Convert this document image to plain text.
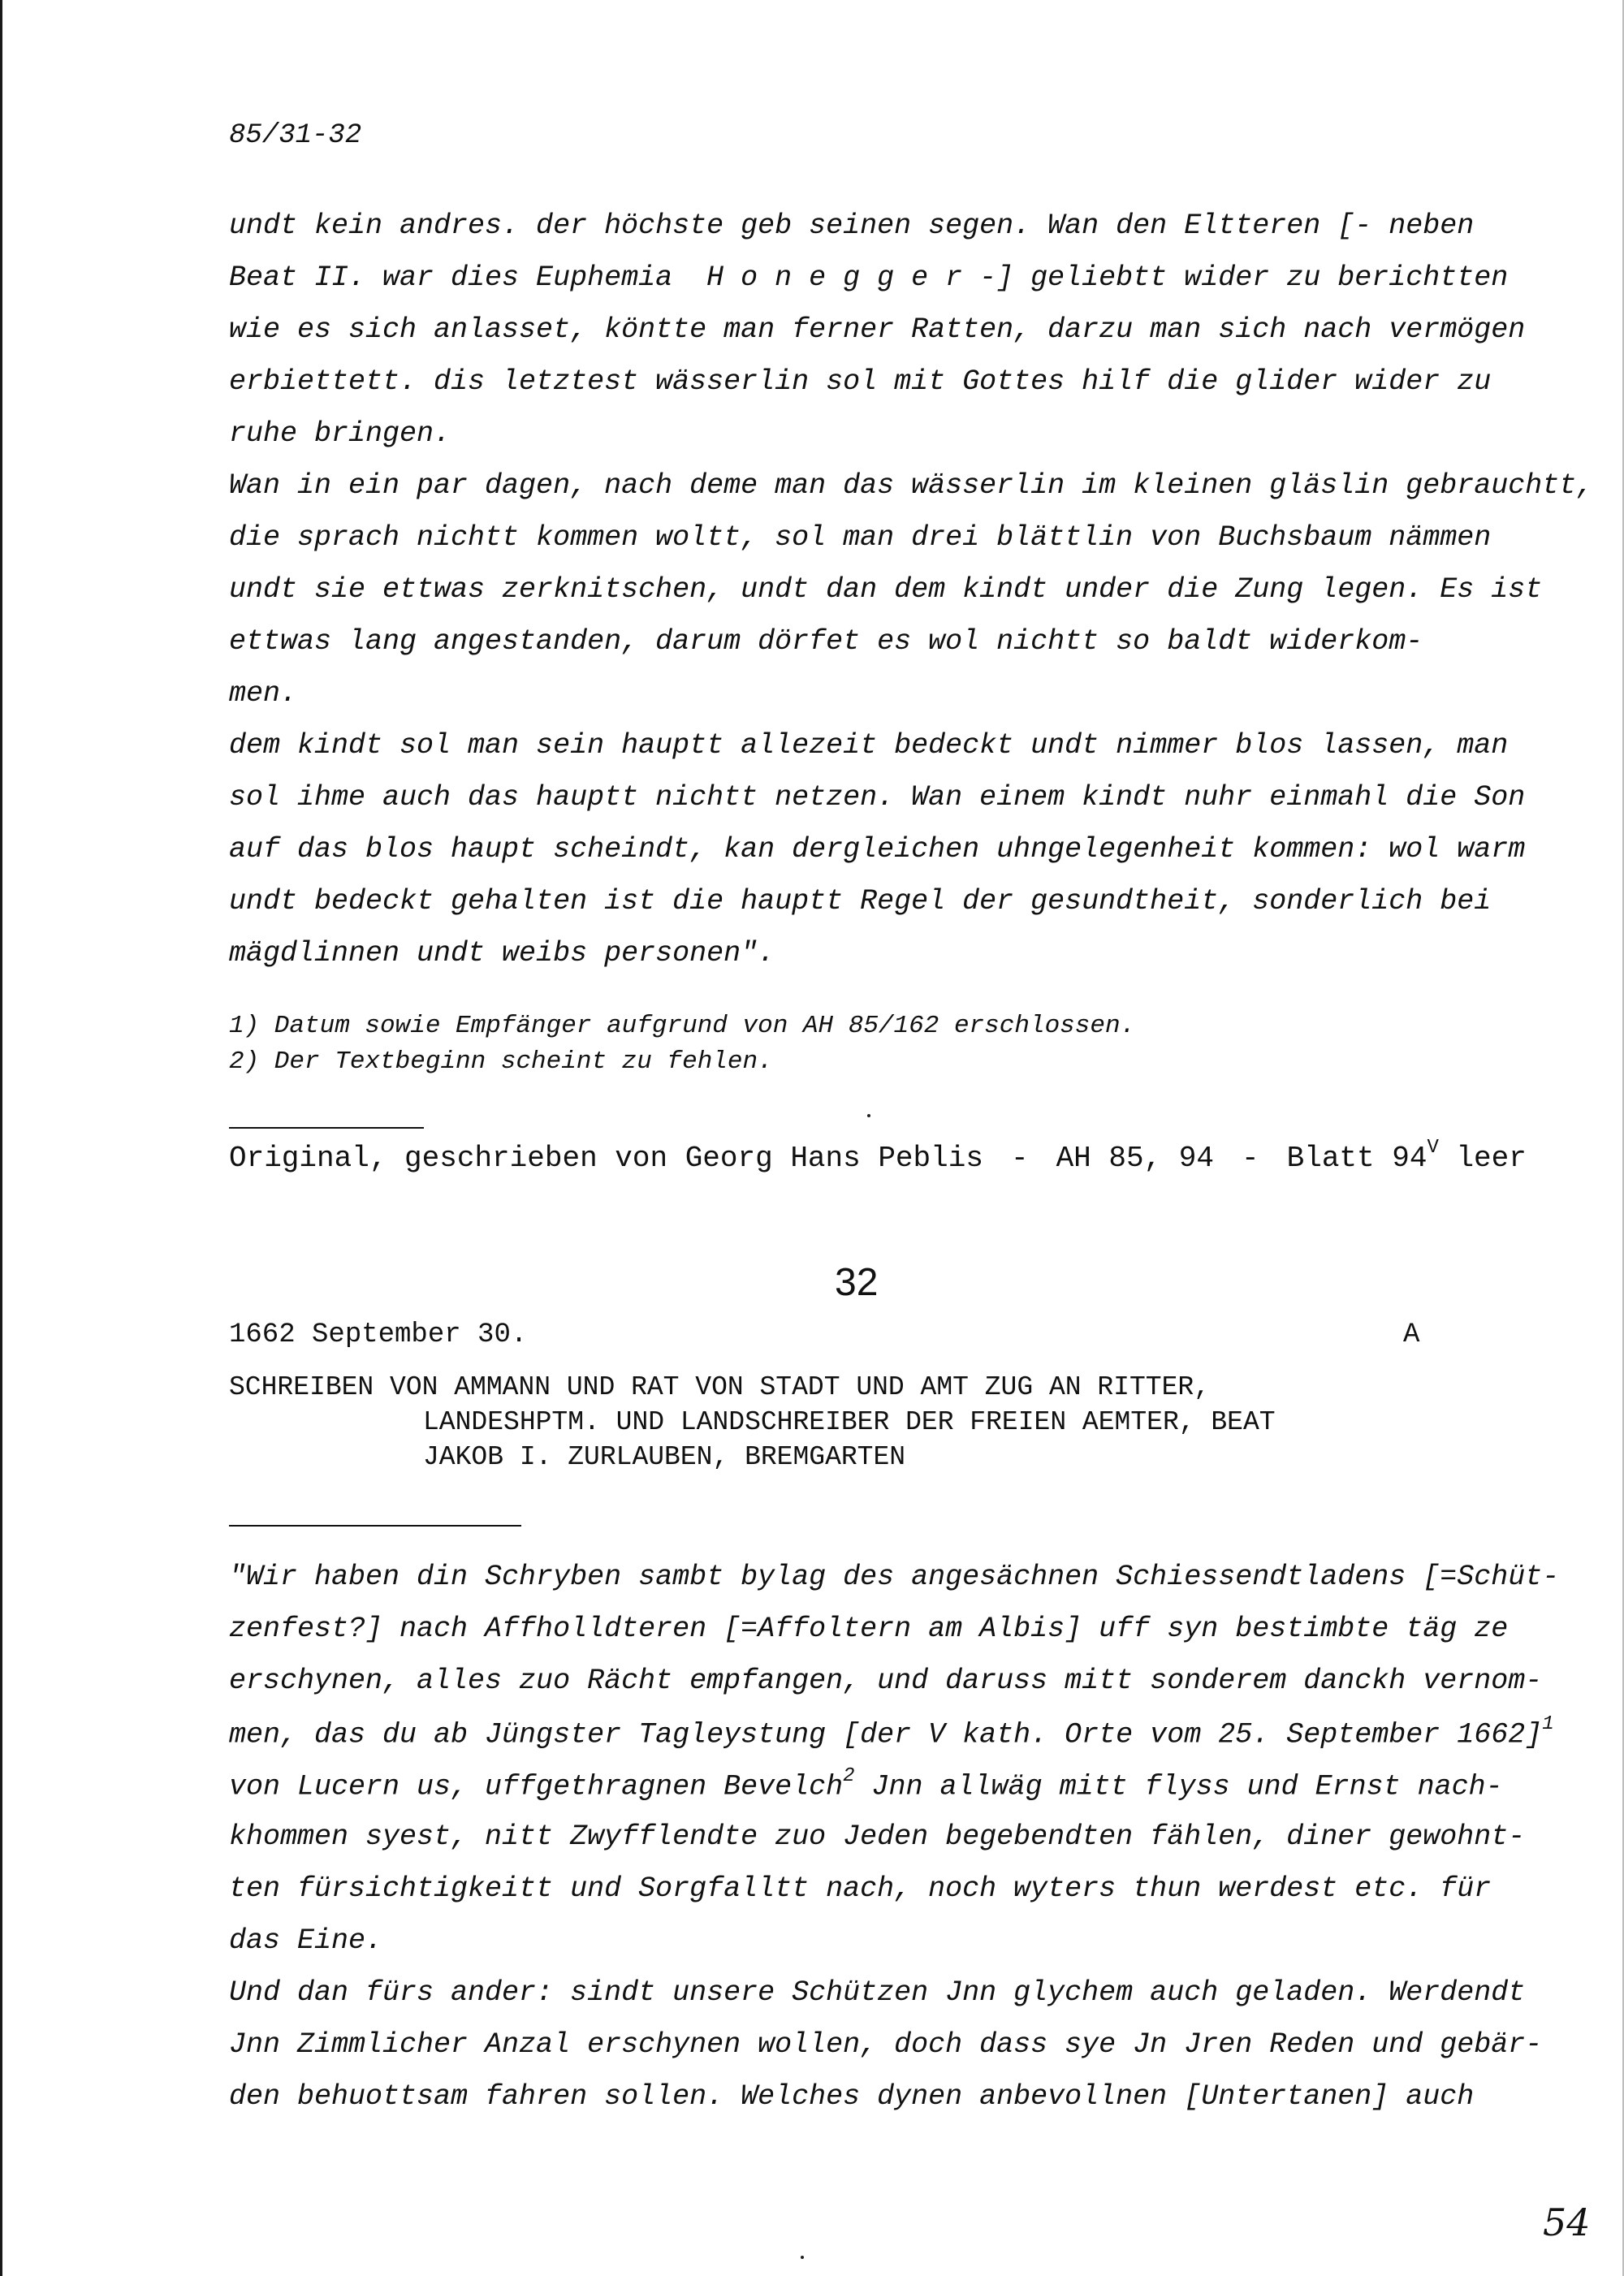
85/31-32
undt kein andres. der höchste geb seinen segen. Wan den Eltteren [- neben
Beat II. war dies Euphemia  H o n e g g e r -] geliebtt wider zu berichtten
wie es sich anlasset, köntte man ferner Ratten, darzu man sich nach vermögen
erbiettett. dis letztest wässerlin sol mit Gottes hilf die glider wider zu
ruhe bringen.
Wan in ein par dagen, nach deme man das wässerlin im kleinen gläslin gebrauchtt,
die sprach nichtt kommen woltt, sol man drei blättlin von Buchsbaum nämmen
undt sie ettwas zerknitschen, undt dan dem kindt under die Zung legen. Es ist
ettwas lang angestanden, darum dörfet es wol nichtt so baldt widerkom-
men.
dem kindt sol man sein hauptt allezeit bedeckt undt nimmer blos lassen, man
sol ihme auch das hauptt nichtt netzen. Wan einem kindt nuhr einmahl die Son
auf das blos haupt scheindt, kan dergleichen uhngelegenheit kommen: wol warm
undt bedeckt gehalten ist die hauptt Regel der gesundtheit, sonderlich bei
mägdlinnen undt weibs personen".
1) Datum sowie Empfänger aufgrund von AH 85/162 erschlossen.
2) Der Textbeginn scheint zu fehlen.
Original, geschrieben von Georg Hans Peblis - AH 85, 94 - Blatt $94^V$ leer
32
1662 September 30.	A
SCHREIBEN VON AMMANN UND RAT VON STADT UND AMT ZUG AN RITTER,
LANDESHPTM. UND LANDSCHREIBER DER FREIEN AEMTER, BEAT
JAKOB I. ZURLAUBEN, BREMGARTEN
"Wir haben din Schryben sambt bylag des angesächnen Schiessendtladens [=Schüt-
zenfest?] nach Affholldteren [=Affoltern am Albis] uff syn bestimbte täg ze
erschynen, alles zuo Rächt empfangen, und daruss mitt sonderem danckh vernom-
men, das du ab Jüngster Tagleystung [der V kath. Orte vom 25. September 1662]$^1$
von Lucern us, uffgethragnen Bevelch$^2$ Jnn allwäg mitt flyss und Ernst nach-
khommen syest, nitt Zwyfflendte zuo Jeden begebendten fählen, diner gewohnt-
ten fürsichtigkeitt und Sorgfalltt nach, noch wyters thun werdest etc. für
das Eine.
Und dan fürs ander: sindt unsere Schützen Jnn glychem auch geladen. Werdendt
Jnn Zimmlicher Anzal erschynen wollen, doch dass sye Jn Jren Reden und gebär-
den behuottsam fahren sollen. Welches dynen anbevollnen [Untertanen] auch
54
